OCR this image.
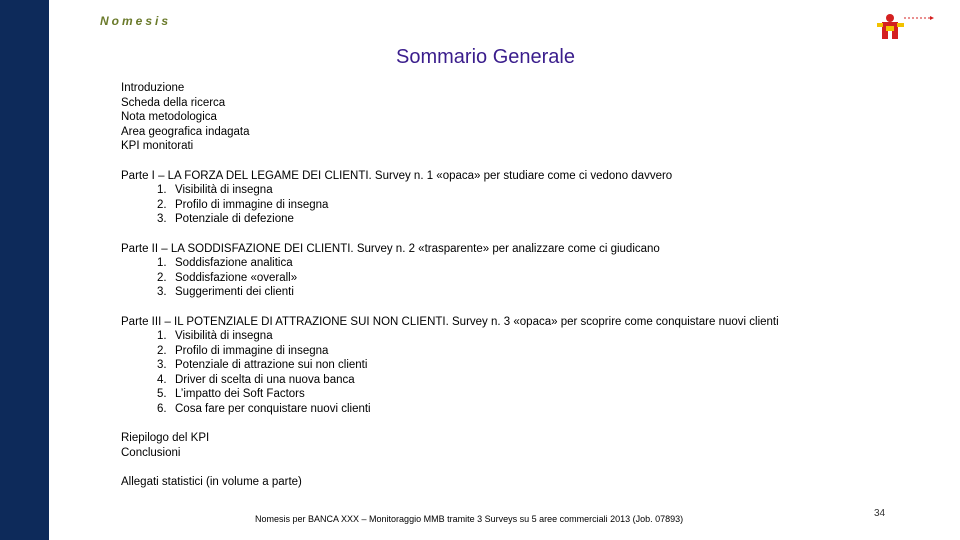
Nomesis
Sommario Generale
Introduzione
Scheda della ricerca
Nota metodologica
Area geografica indagata
KPI monitorati
Parte I – LA FORZA DEL LEGAME DEI CLIENTI. Survey n. 1 «opaca» per studiare come ci vedono davvero
1. Visibilità di insegna
2. Profilo di immagine di insegna
3. Potenziale di defezione
Parte II – LA SODDISFAZIONE DEI CLIENTI. Survey n. 2 «trasparente» per analizzare come ci giudicano
1. Soddisfazione analitica
2. Soddisfazione «overall»
3. Suggerimenti dei clienti
Parte III – IL POTENZIALE DI ATTRAZIONE SUI NON CLIENTI. Survey n. 3 «opaca» per scoprire come conquistare nuovi clienti
1. Visibilità di insegna
2. Profilo di immagine di insegna
3. Potenziale di attrazione sui non clienti
4. Driver di scelta di una nuova banca
5. L’impatto dei Soft Factors
6. Cosa fare per conquistare nuovi clienti
Riepilogo del KPI
Conclusioni
Allegati statistici (in volume a parte)
Nomesis per BANCA XXX – Monitoraggio MMB tramite 3 Surveys su 5 aree commerciali 2013 (Job. 07893)	34
